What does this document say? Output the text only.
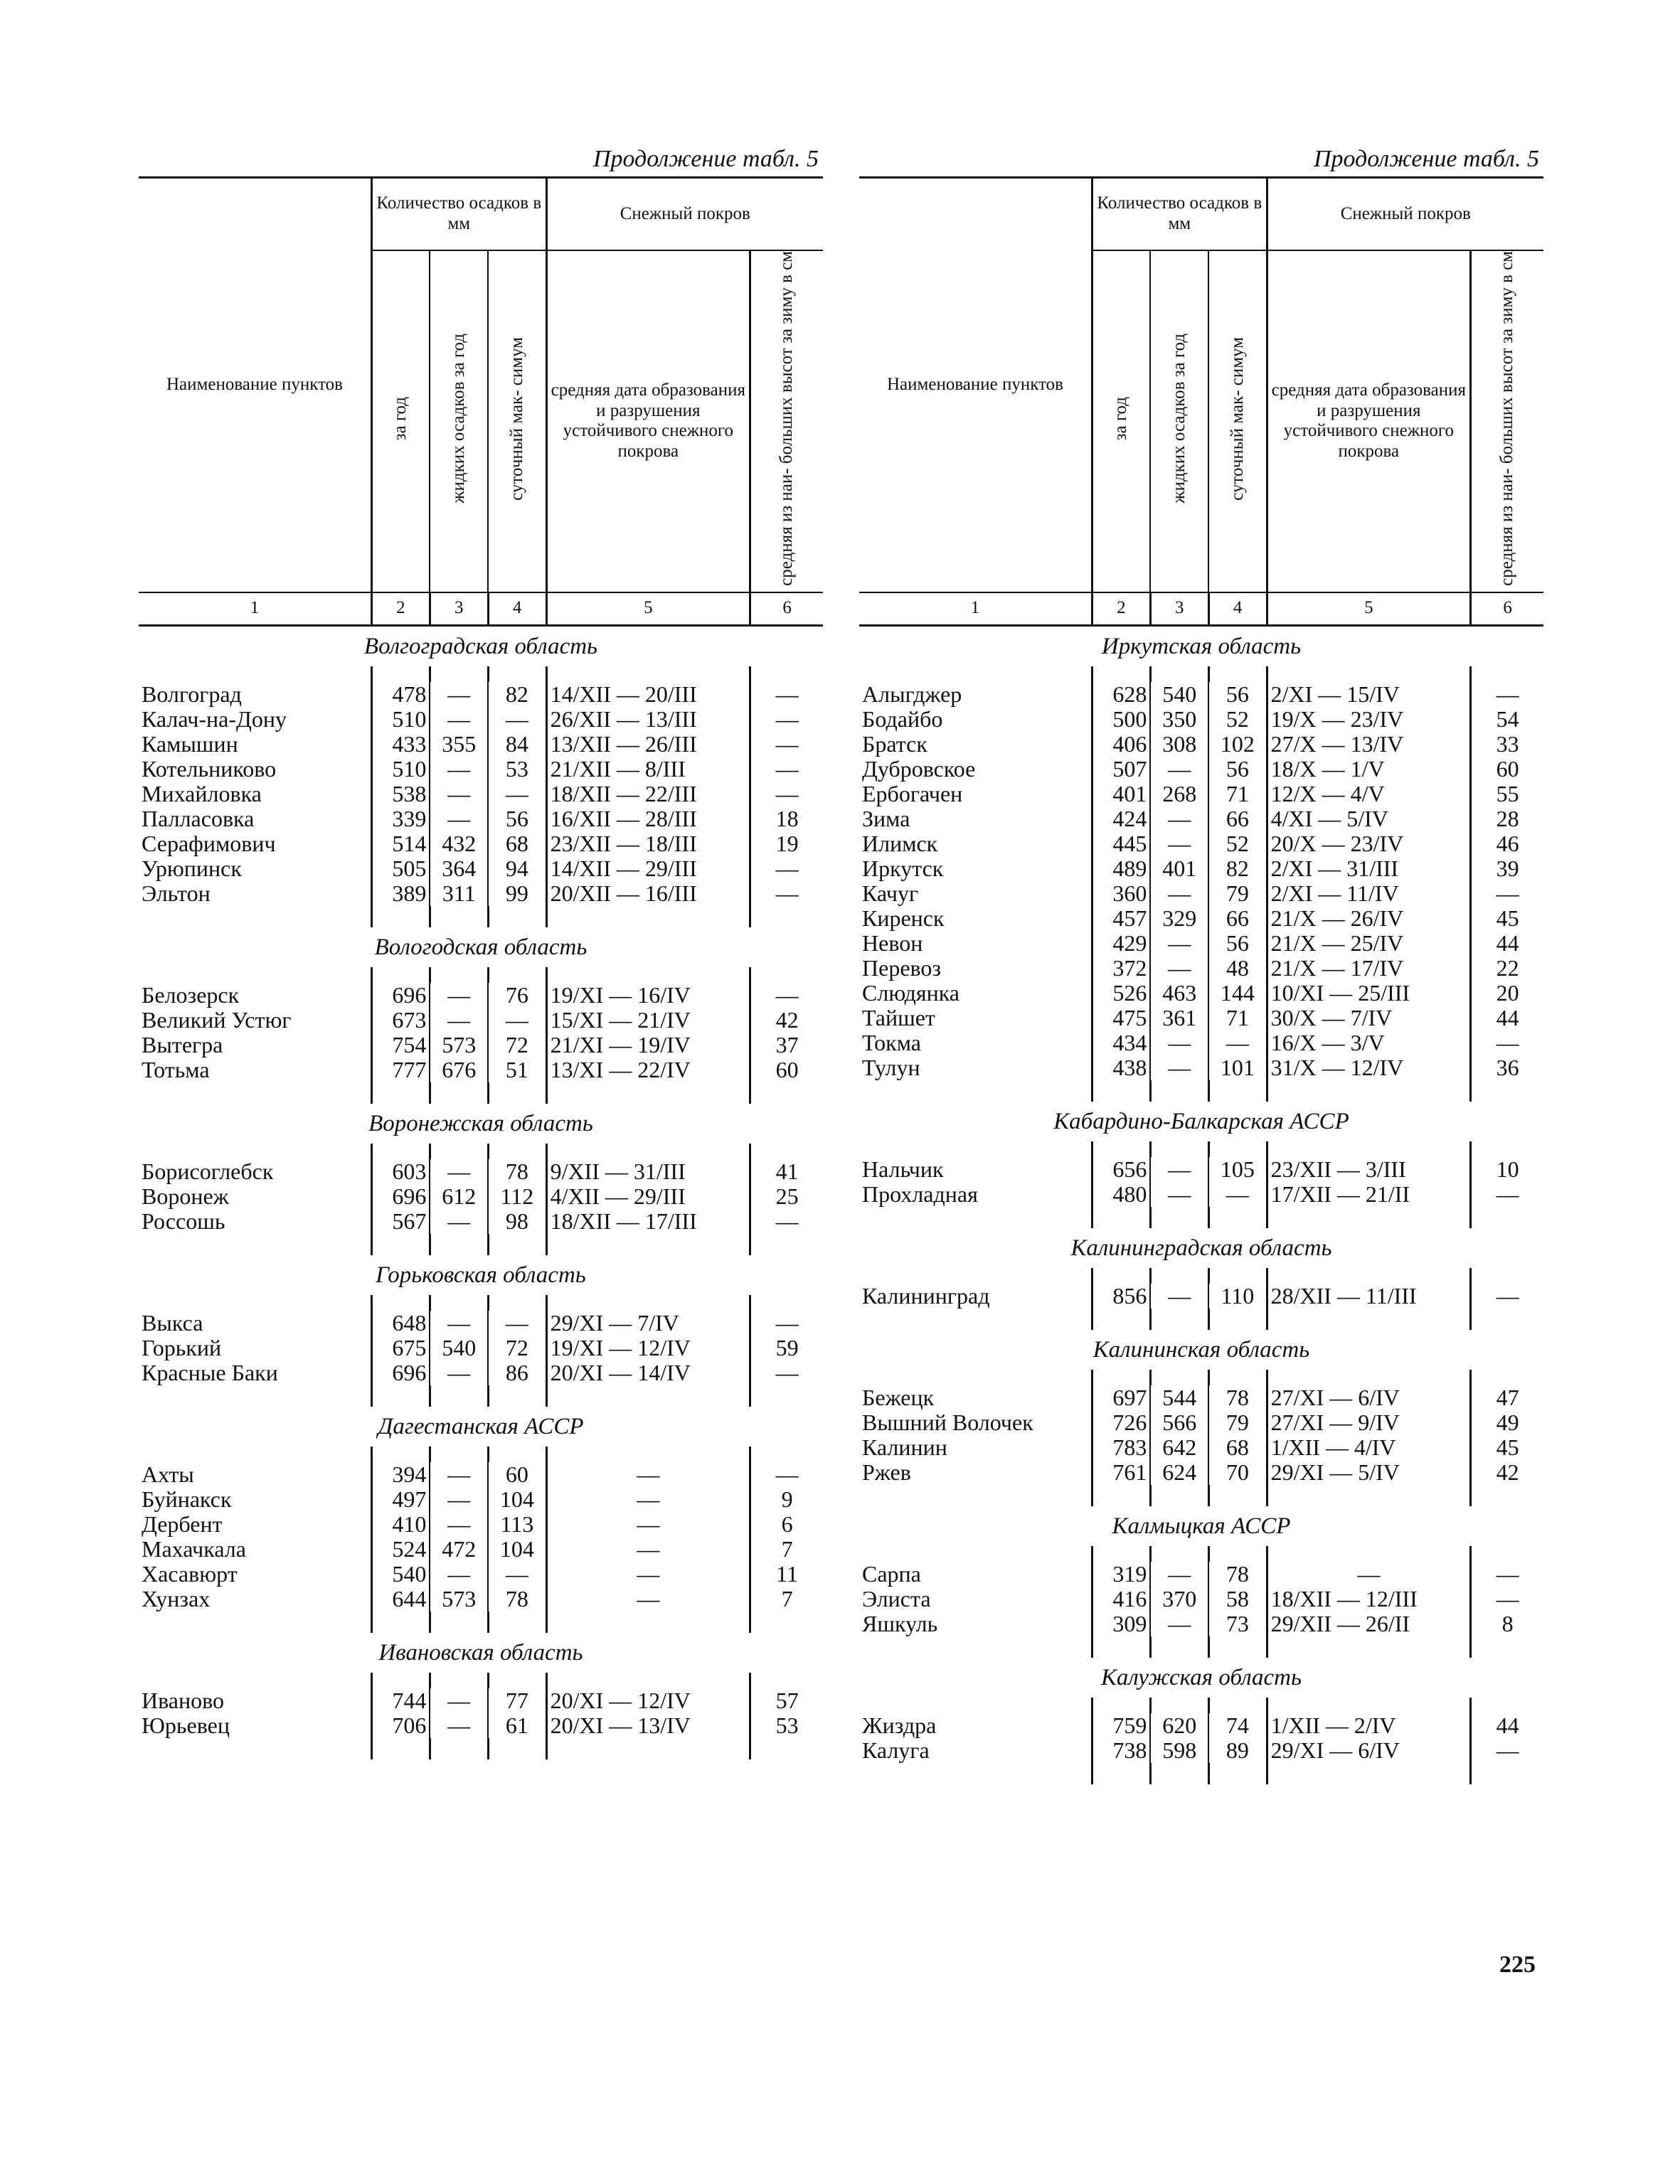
Продолжение табл. 5
Наименование пунктов	Количество осадков в мм			Снежный покров	
	за год	жидких осадков за год	суточный мак- симум	средняя дата образования и разрушения устойчивого снежного покрова	средняя из наи- больших высот за зиму в см
1	2	3	4	5	6
Волгоградская область

Волгоград	478	—	82	14/XII — 20/III	—
Калач-на-Дону	510	—	—	26/XII — 13/III	—
Камышин	433	355	84	13/XII — 26/III	—
Котельниково	510	—	53	21/XII — 8/III	—
Михайловка	538	—	—	18/XII — 22/III	—
Палласовка	339	—	56	16/XII — 28/III	18
Серафимович	514	432	68	23/XII — 18/III	19
Урюпинск	505	364	94	14/XII — 29/III	—
Эльтон	389	311	99	20/XII — 16/III	—

Вологодская область

Белозерск	696	—	76	19/XI — 16/IV	—
Великий Устюг	673	—	—	15/XI — 21/IV	42
Вытегра	754	573	72	21/XI — 19/IV	37
Тотьма	777	676	51	13/XI — 22/IV	60

Воронежская область

Борисоглебск	603	—	78	9/XII — 31/III	41
Воронеж	696	612	112	4/XII — 29/III	25
Россошь	567	—	98	18/XII — 17/III	—

Горьковская область

Выкса	648	—	—	29/XI — 7/IV	—
Горький	675	540	72	19/XI — 12/IV	59
Красные Баки	696	—	86	20/XI — 14/IV	—

Дагестанская АССР

Ахты	394	—	60	—	—
Буйнакск	497	—	104	—	9
Дербент	410	—	113	—	6
Махачкала	524	472	104	—	7
Хасавюрт	540	—	—	—	11
Хунзах	644	573	78	—	7

Ивановская область

Иваново	744	—	77	20/XI — 12/IV	57
Юрьевец	706	—	61	20/XI — 13/IV	53

Продолжение табл. 5
Наименование пунктов	Количество осадков в мм			Снежный покров	
	за год	жидких осадков за год	суточный мак- симум	средняя дата образования и разрушения устойчивого снежного покрова	средняя из наи- больших высот за зиму в см
1	2	3	4	5	6
Иркутская область

Алыгджер	628	540	56	2/XI — 15/IV	—
Бодайбо	500	350	52	19/X — 23/IV	54
Братск	406	308	102	27/X — 13/IV	33
Дубровское	507	—	56	18/X — 1/V	60
Ербогачен	401	268	71	12/X — 4/V	55
Зима	424	—	66	4/XI — 5/IV	28
Илимск	445	—	52	20/X — 23/IV	46
Иркутск	489	401	82	2/XI — 31/III	39
Качуг	360	—	79	2/XI — 11/IV	—
Киренск	457	329	66	21/X — 26/IV	45
Невон	429	—	56	21/X — 25/IV	44
Перевоз	372	—	48	21/X — 17/IV	22
Слюдянка	526	463	144	10/XI — 25/III	20
Тайшет	475	361	71	30/X — 7/IV	44
Токма	434	—	—	16/X — 3/V	—
Тулун	438	—	101	31/X — 12/IV	36

Кабардино-Балкарская АССР

Нальчик	656	—	105	23/XII — 3/III	10
Прохладная	480	—	—	17/XII — 21/II	—

Калининградская область

Калининград	856	—	110	28/XII — 11/III	—

Калининская область

Бежецк	697	544	78	27/XI — 6/IV	47
Вышний Волочек	726	566	79	27/XI — 9/IV	49
Калинин	783	642	68	1/XII — 4/IV	45
Ржев	761	624	70	29/XI — 5/IV	42

Калмыцкая АССР

Сарпа	319	—	78	—	—
Элиста	416	370	58	18/XII — 12/III	—
Яшкуль	309	—	73	29/XII — 26/II	8

Калужская область

Жиздра	759	620	74	1/XII — 2/IV	44
Калуга	738	598	89	29/XI — 6/IV	—

225
